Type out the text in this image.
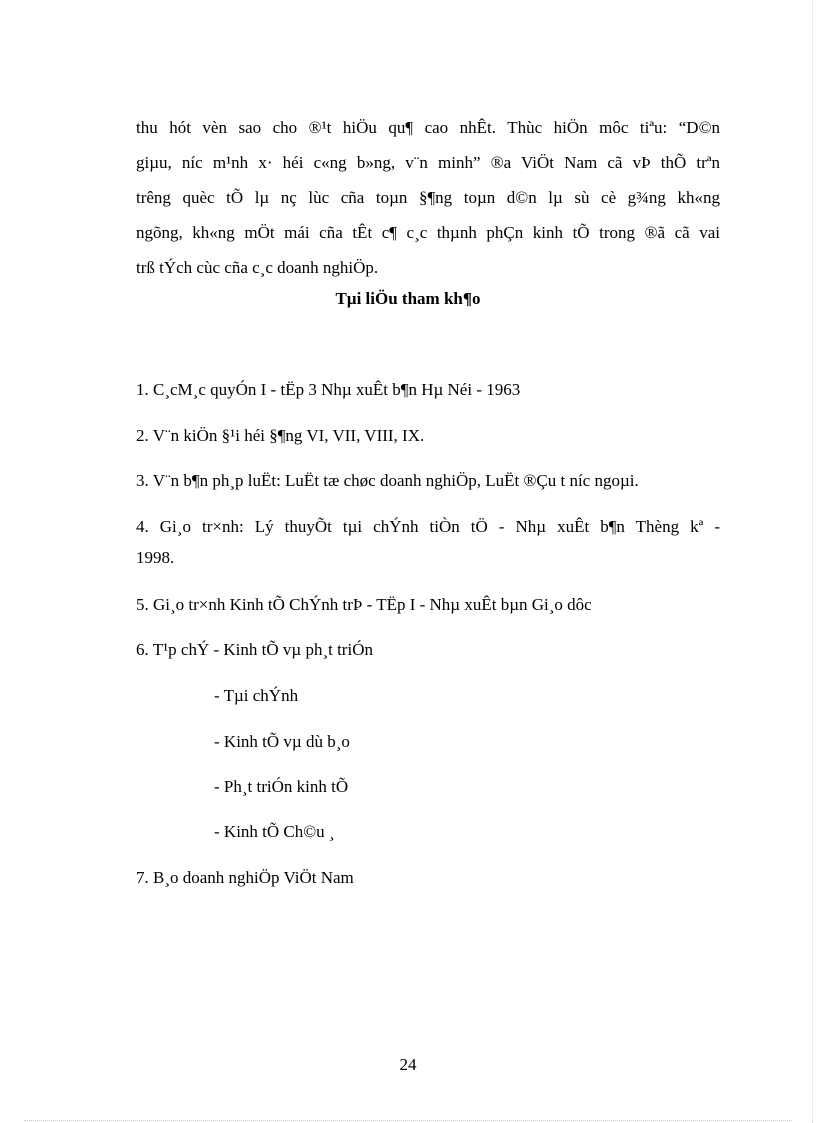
thu hót vèn sao cho ®¹t hiÖu qu¶ cao nhÊt. Thùc hiÖn môc tiªu: “D©n
giµu, níc m¹nh x· héi c«ng b»ng, v¨n minh” ®a ViÖt Nam cã vÞ thÕ trªn
trêng quèc tÕ lµ nç lùc cña toµn §¶ng toµn d©n lµ sù cè g¾ng kh«ng
ngõng, kh«ng mÖt mái cña tÊt c¶ c¸c thµnh phÇn kinh tÕ trong ®ã cã vai
trß tÝch cùc cña c¸c doanh nghiÖp.
Tµi liÖu tham kh¶o
1. C¸cM¸c quyÓn I - tËp 3 Nhµ xuÊt b¶n Hµ Néi - 1963
2. V¨n kiÖn §¹i héi §¶ng VI, VII, VIII, IX.
3. V¨n b¶n ph¸p luËt: LuËt tæ chøc doanh nghiÖp, LuËt ®Çu t níc ngoµi.
4. Gi¸o tr×nh: Lý thuyÕt tµi chÝnh tiÒn tÖ - Nhµ xuÊt b¶n Thèng kª -
1998.
5. Gi¸o tr×nh Kinh tÕ ChÝnh trÞ - TËp I - Nhµ xuÊt bµn Gi¸o dôc
6. T¹p chÝ - Kinh tÕ vµ ph¸t triÓn
- Tµi chÝnh
- Kinh tÕ vµ dù b¸o
- Ph¸t triÓn kinh tÕ
- Kinh tÕ Ch©u ¸
7. B¸o doanh nghiÖp ViÖt Nam
24
